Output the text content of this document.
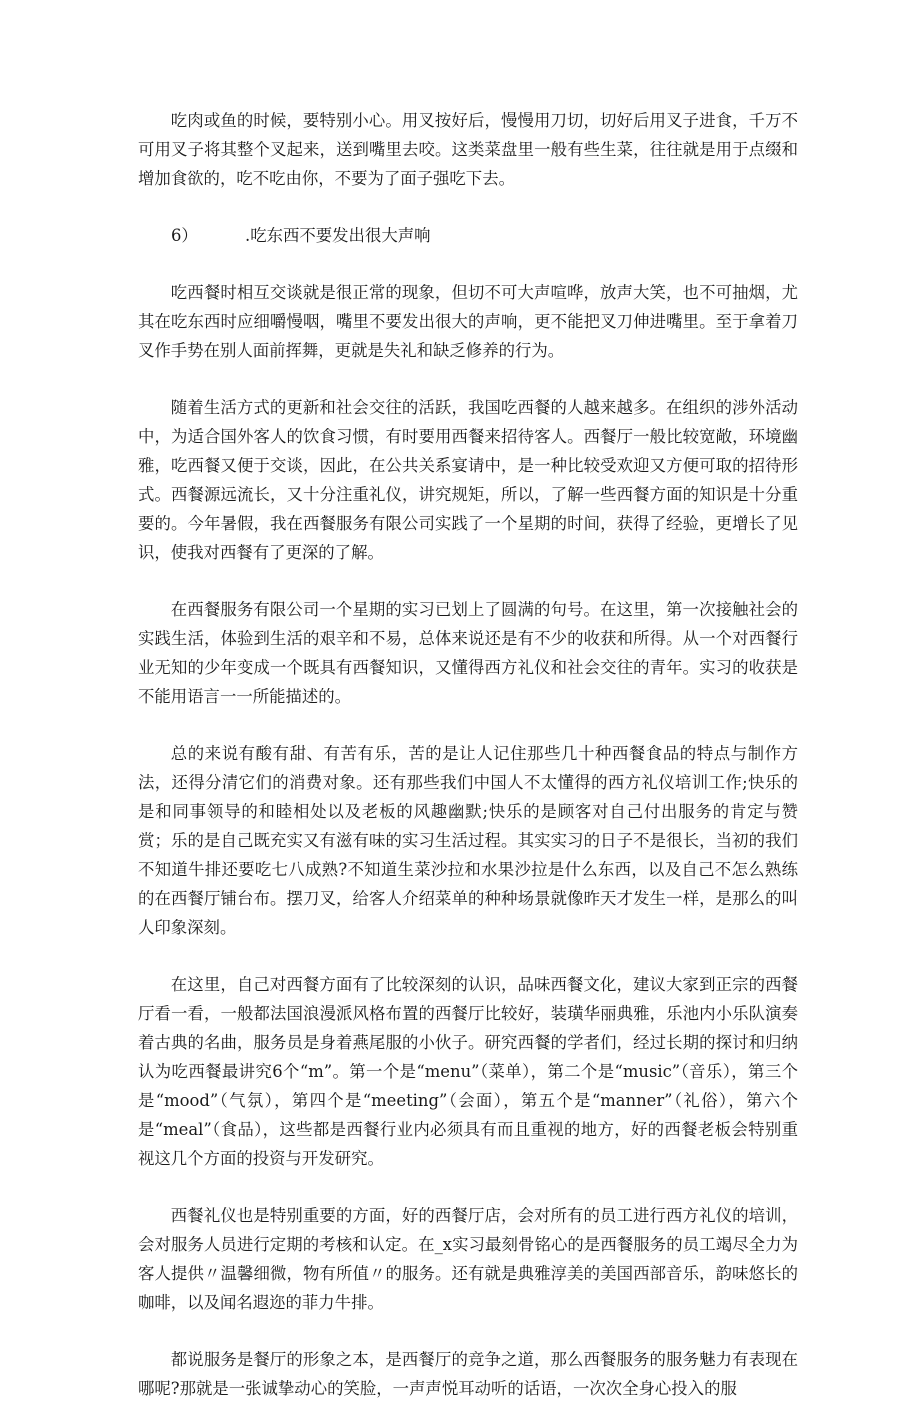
吃肉或鱼的时候，要特别小心。用叉按好后，慢慢用刀切，切好后用叉子进食，千万不可用叉子将其整个叉起来，送到嘴里去咬。这类菜盘里一般有些生菜，往往就是用于点缀和增加食欲的，吃不吃由你，不要为了面子强吃下去。

6）	.吃东西不要发出很大声响

吃西餐时相互交谈就是很正常的现象，但切不可大声喧哗，放声大笑，也不可抽烟，尤其在吃东西时应细嚼慢咽，嘴里不要发出很大的声响，更不能把叉刀伸进嘴里。至于拿着刀叉作手势在别人面前挥舞，更就是失礼和缺乏修养的行为。

随着生活方式的更新和社会交往的活跃，我国吃西餐的人越来越多。在组织的涉外活动中，为适合国外客人的饮食习惯，有时要用西餐来招待客人。西餐厅一般比较宽敞，环境幽雅，吃西餐又便于交谈，因此，在公共关系宴请中，是一种比较受欢迎又方便可取的招待形式。西餐源远流长，又十分注重礼仪，讲究规矩，所以，了解一些西餐方面的知识是十分重要的。今年暑假，我在西餐服务有限公司实践了一个星期的时间，获得了经验，更增长了见识，使我对西餐有了更深的了解。

在西餐服务有限公司一个星期的实习已划上了圆满的句号。在这里，第一次接触社会的实践生活，体验到生活的艰辛和不易，总体来说还是有不少的收获和所得。从一个对西餐行业无知的少年变成一个既具有西餐知识，又懂得西方礼仪和社会交往的青年。实习的收获是不能用语言一一所能描述的。

总的来说有酸有甜、有苦有乐，苦的是让人记住那些几十种西餐食品的特点与制作方法，还得分清它们的消费对象。还有那些我们中国人不太懂得的西方礼仪培训工作;快乐的是和同事领导的和睦相处以及老板的风趣幽默;快乐的是顾客对自己付出服务的肯定与赞赏；乐的是自己既充实又有滋有味的实习生活过程。其实实习的日子不是很长，当初的我们不知道牛排还要吃七八成熟?不知道生菜沙拉和水果沙拉是什么东西，以及自己不怎么熟练的在西餐厅铺台布。摆刀叉，给客人介绍菜单的种种场景就像昨天才发生一样，是那么的叫人印象深刻。

在这里，自己对西餐方面有了比较深刻的认识，品味西餐文化，建议大家到正宗的西餐厅看一看，一般都法国浪漫派风格布置的西餐厅比较好，装璜华丽典雅，乐池内小乐队演奏着古典的名曲，服务员是身着燕尾服的小伙子。研究西餐的学者们，经过长期的探讨和归纳认为吃西餐最讲究6个“m”。第一个是“menu”（菜单），第二个是“music”（音乐），第三个是“mood”（气氛），第四个是“meeting”（会面），第五个是“manner”（礼俗），第六个是“meal”（食品），这些都是西餐行业内必须具有而且重视的地方，好的西餐老板会特别重视这几个方面的投资与开发研究。

西餐礼仪也是特别重要的方面，好的西餐厅店，会对所有的员工进行西方礼仪的培训，会对服务人员进行定期的考核和认定。在_x实习最刻骨铭心的是西餐服务的员工竭尽全力为客人提供〃温馨细微，物有所值〃的服务。还有就是典雅淳美的美国西部音乐，韵味悠长的咖啡，以及闻名遐迩的菲力牛排。

都说服务是餐厅的形象之本，是西餐厅的竞争之道，那么西餐服务的服务魅力有表现在哪呢?那就是一张诚挚动心的笑脸，一声声悦耳动听的话语，一次次全身心投入的服
